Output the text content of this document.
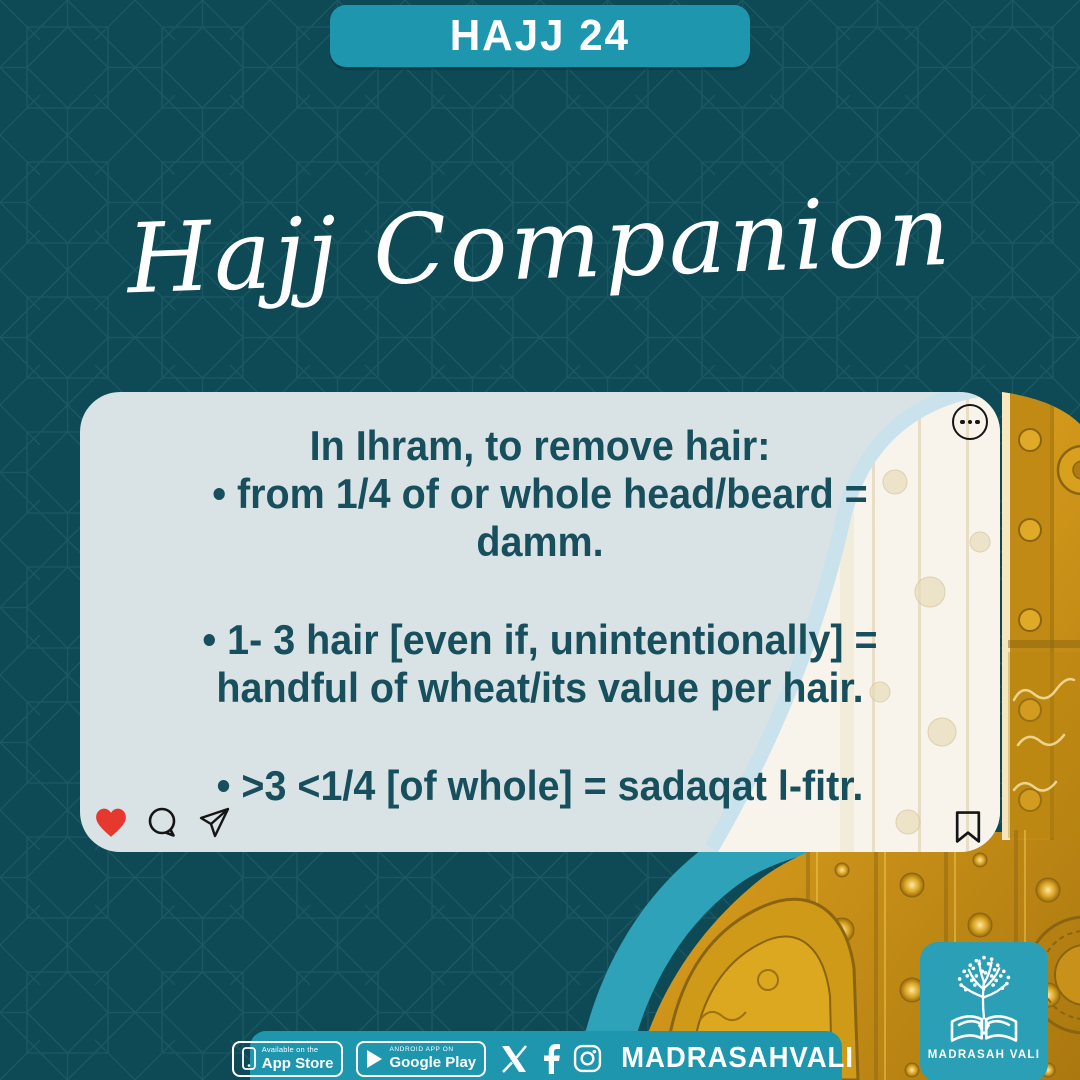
HAJJ 24
Hajj Companion

In Ihram, to remove hair:
• from 1/4 of or whole head/beard =
damm.

• 1- 3 hair [even if, unintentionally] =
handful of wheat/its value per hair.

• >3 <1/4 [of whole] = sadaqat l-fitr.

Available on the
App Store
ANDROID APP ON
Google Play	MADRASAHVALI	MADRASAH VALI
